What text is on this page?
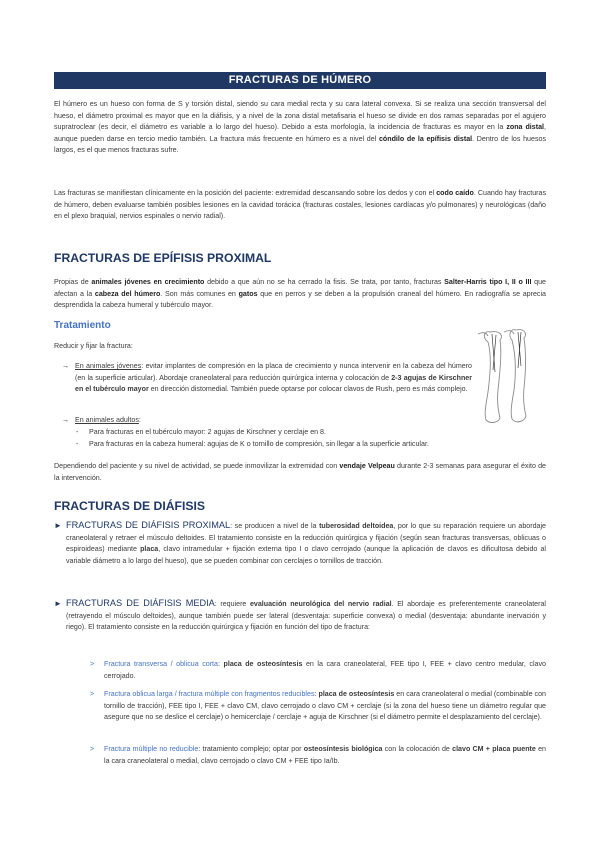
FRACTURAS DE HÚMERO

El húmero es un hueso con forma de S y torsión distal, siendo su cara medial recta y su cara lateral convexa. Si se realiza una sección transversal del hueso, el diámetro proximal es mayor que en la diáfisis, y a nivel de la zona distal metafisaria el hueso se divide en dos ramas separadas por el agujero supratroclear (es decir, el diámetro es variable a lo largo del hueso). Debido a esta morfología, la incidencia de fracturas es mayor en la zona distal, aunque pueden darse en tercio medio también. La fractura más frecuente en húmero es a nivel del cóndilo de la epífisis distal. Dentro de los huesos largos, es el que menos fracturas sufre.

Las fracturas se manifiestan clínicamente en la posición del paciente: extremidad descansando sobre los dedos y con el codo caído. Cuando hay fracturas de húmero, deben evaluarse también posibles lesiones en la cavidad torácica (fracturas costales, lesiones cardíacas y/o pulmonares) y neurológicas (daño en el plexo braquial, nervios espinales o nervio radial).

FRACTURAS DE EPÍFISIS PROXIMAL

Propias de animales jóvenes en crecimiento debido a que aún no se ha cerrado la fisis. Se trata, por tanto, fracturas Salter-Harris tipo I, II o III que afectan a la cabeza del húmero. Son más comunes en gatos que en perros y se deben a la propulsión craneal del húmero. En radiografía se aprecia desprendida la cabeza humeral y tubérculo mayor.

Tratamiento

Reducir y fijar la fractura:

→ En animales jóvenes: evitar implantes de compresión en la placa de crecimiento y nunca intervenir en la cabeza del húmero (en la superficie articular). Abordaje craneolateral para reducción quirúrgica interna y colocación de 2-3 agujas de Kirschner en el tubérculo mayor en dirección distomedial. También puede optarse por colocar clavos de Rush, pero es más complejo.
→ En animales adultos:
- Para fracturas en el tubérculo mayor: 2 agujas de Kirschner y cerclaje en 8.
- Para fracturas en la cabeza humeral: agujas de K o tornillo de compresión, sin llegar a la superficie articular.

Dependiendo del paciente y su nivel de actividad, se puede inmovilizar la extremidad con vendaje Velpeau durante 2-3 semanas para asegurar el éxito de la intervención.

FRACTURAS DE DIÁFISIS
► FRACTURAS DE DIÁFISIS PROXIMAL: se producen a nivel de la tuberosidad deltoidea, por lo que su reparación requiere un abordaje craneolateral y retraer el músculo deltoides. El tratamiento consiste en la reducción quirúrgica y fijación (según sean fracturas transversas, oblicuas o espiroideas) mediante placa, clavo intramedular + fijación externa tipo I o clavo cerrojado (aunque la aplicación de clavos es dificultosa debido al variable diámetro a lo largo del hueso), que se pueden combinar con cerclajes o tornillos de tracción.
► FRACTURAS DE DIÁFISIS MEDIA: requiere evaluación neurológica del nervio radial. El abordaje es preferentemente craneolateral (retrayendo el músculo deltoides), aunque también puede ser lateral (desventaja: superficie convexa) o medial (desventaja: abundante inervación y riego). El tratamiento consiste en la reducción quirúrgica y fijación en función del tipo de fractura:
> Fractura transversa / oblicua corta: placa de osteosíntesis en la cara craneolateral, FEE tipo I, FEE + clavo centro medular, clavo cerrojado.
> Fractura oblicua larga / fractura múltiple con fragmentos reducibles: placa de osteosíntesis en cara craneolateral o medial (combinable con tornillo de tracción), FEE tipo I, FEE + clavo CM, clavo cerrojado o clavo CM + cerclaje (si la zona del hueso tiene un diámetro regular que asegure que no se deslice el cerclaje) o hemicerclaje / cerclaje + aguja de Kirschner (si el diámetro permite el desplazamiento del cerclaje).
> Fractura múltiple no reducible: tratamiento complejo; optar por osteosíntesis biológica con la colocación de clavo CM + placa puente en la cara craneolateral o medial, clavo cerrojado o clavo CM + FEE tipo Ia/Ib.
